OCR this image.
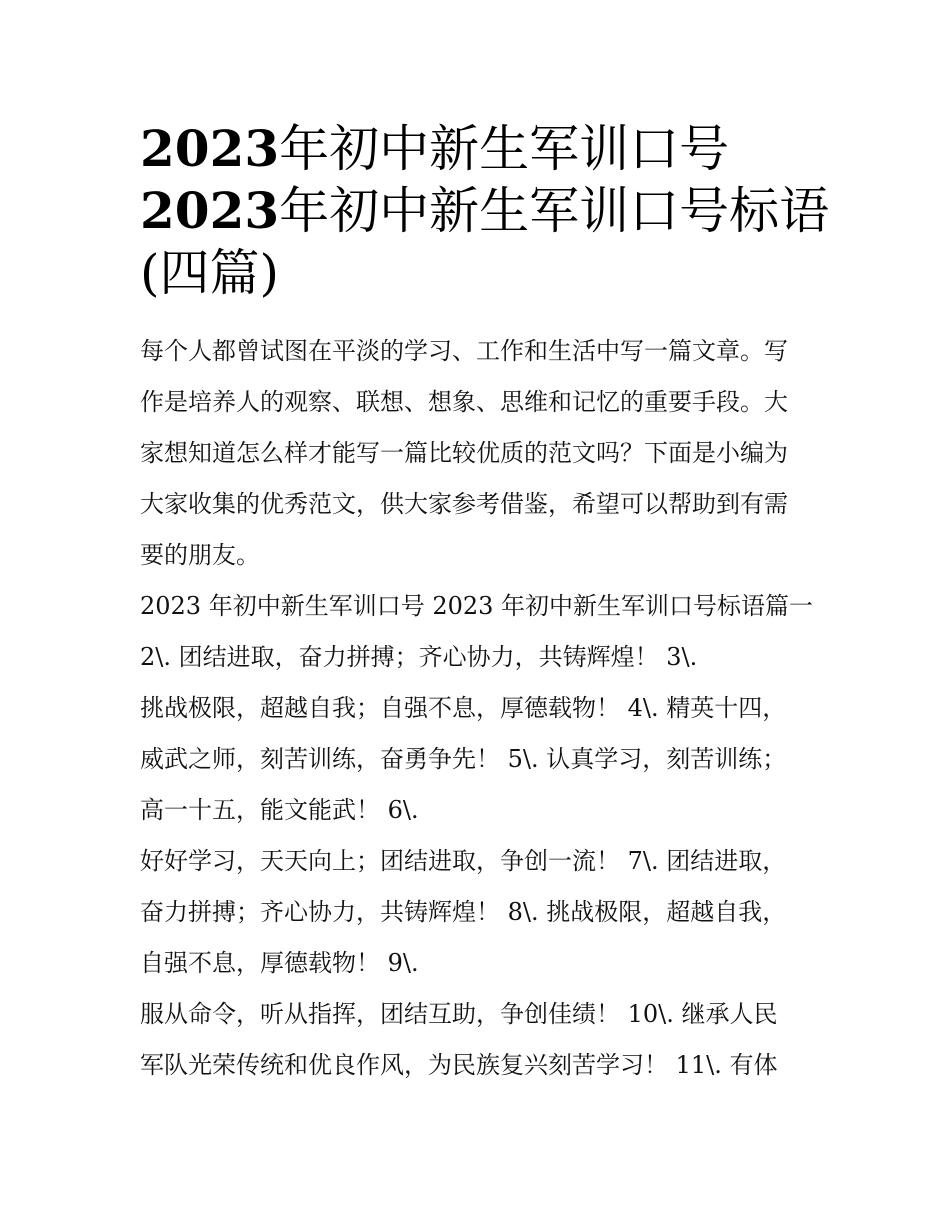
2023年初中新生军训口号
2023年初中新生军训口号标语
(四篇)

每个人都曾试图在平淡的学习、工作和生活中写一篇文章。写
作是培养人的观察、联想、想象、思维和记忆的重要手段。大
家想知道怎么样才能写一篇比较优质的范文吗？下面是小编为
大家收集的优秀范文，供大家参考借鉴，希望可以帮助到有需
要的朋友。

2023 年初中新生军训口号 2023 年初中新生军训口号标语篇一
2\. 团结进取，奋力拼搏；齐心协力，共铸辉煌！ 3\.
挑战极限，超越自我；自强不息，厚德载物！ 4\. 精英十四，
威武之师，刻苦训练，奋勇争先！ 5\. 认真学习，刻苦训练；
高一十五，能文能武！ 6\.
好好学习，天天向上；团结进取，争创一流！ 7\. 团结进取，
奋力拼搏；齐心协力，共铸辉煌！ 8\. 挑战极限，超越自我，
自强不息，厚德载物！ 9\.
服从命令，听从指挥，团结互助，争创佳绩！ 10\. 继承人民
军队光荣传统和优良作风，为民族复兴刻苦学习！ 11\. 有体
